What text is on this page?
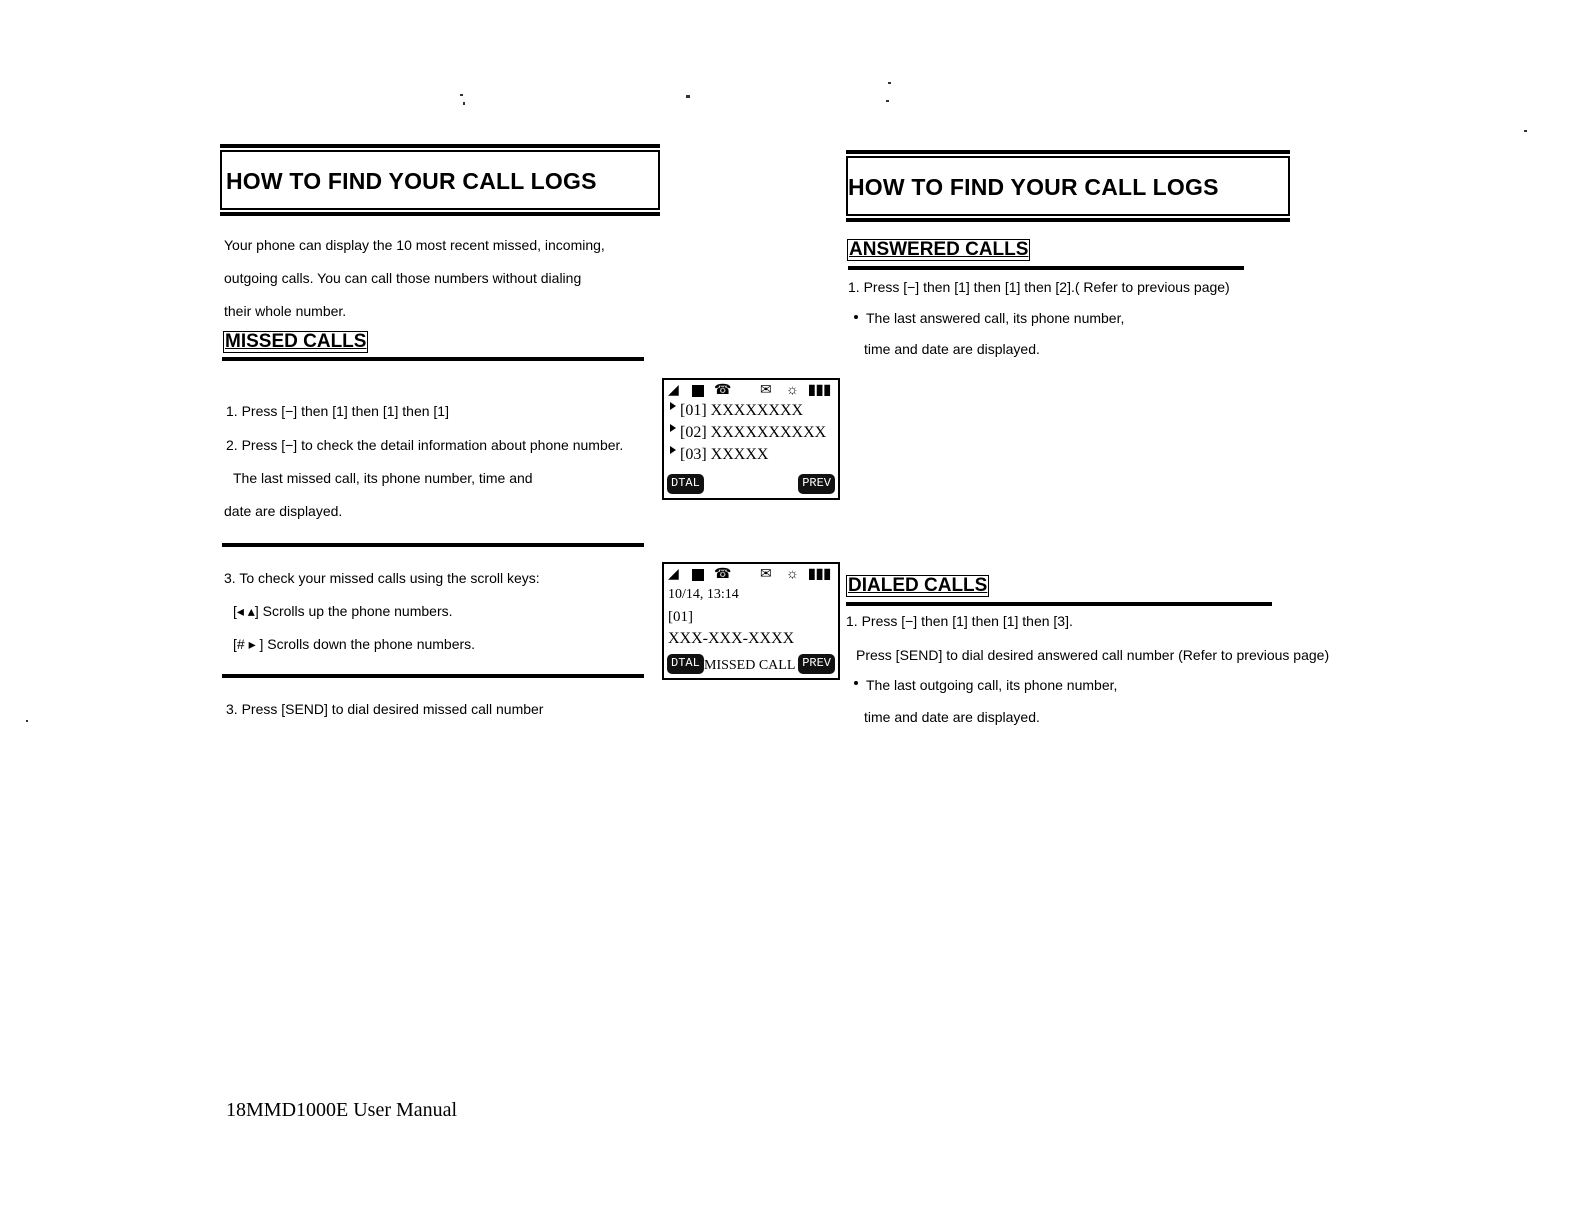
HOW TO FIND YOUR CALL LOGS
Your phone can display the 10 most recent missed, incoming,
outgoing calls. You can call those numbers without dialing
their whole number.
MISSED CALLS
1. Press [−] then [1] then [1] then [1]
2. Press [−] to check the detail information about phone number.
The last missed call, its phone number, time and
date are displayed.
3. To check your missed calls using the scroll keys:
[◂ ▴] Scrolls up the phone numbers.
[# ▸ ] Scrolls down the phone numbers.
3. Press [SEND] to dial desired missed call number
◢	☎ ✉ ☼ ▮▮▮
[01] XXXXXXXX
[02] XXXXXXXXXX
[03] XXXXX
DTAL	PREV
◢	☎ ✉ ☼ ▮▮▮
10/14, 13:14
[01]
XXX-XXX-XXXX
DTAL MISSED CALL PREV
HOW TO FIND YOUR CALL LOGS
ANSWERED CALLS
1. Press [−] then [1] then [1] then [2].( Refer to previous page)
The last answered call, its phone number,
time and date are displayed.
DIALED CALLS
1. Press [−] then [1] then [1] then [3].
Press [SEND] to dial desired answered call number (Refer to previous page)
The last outgoing call, its phone number,
time and date are displayed.
18MMD1000E User Manual
